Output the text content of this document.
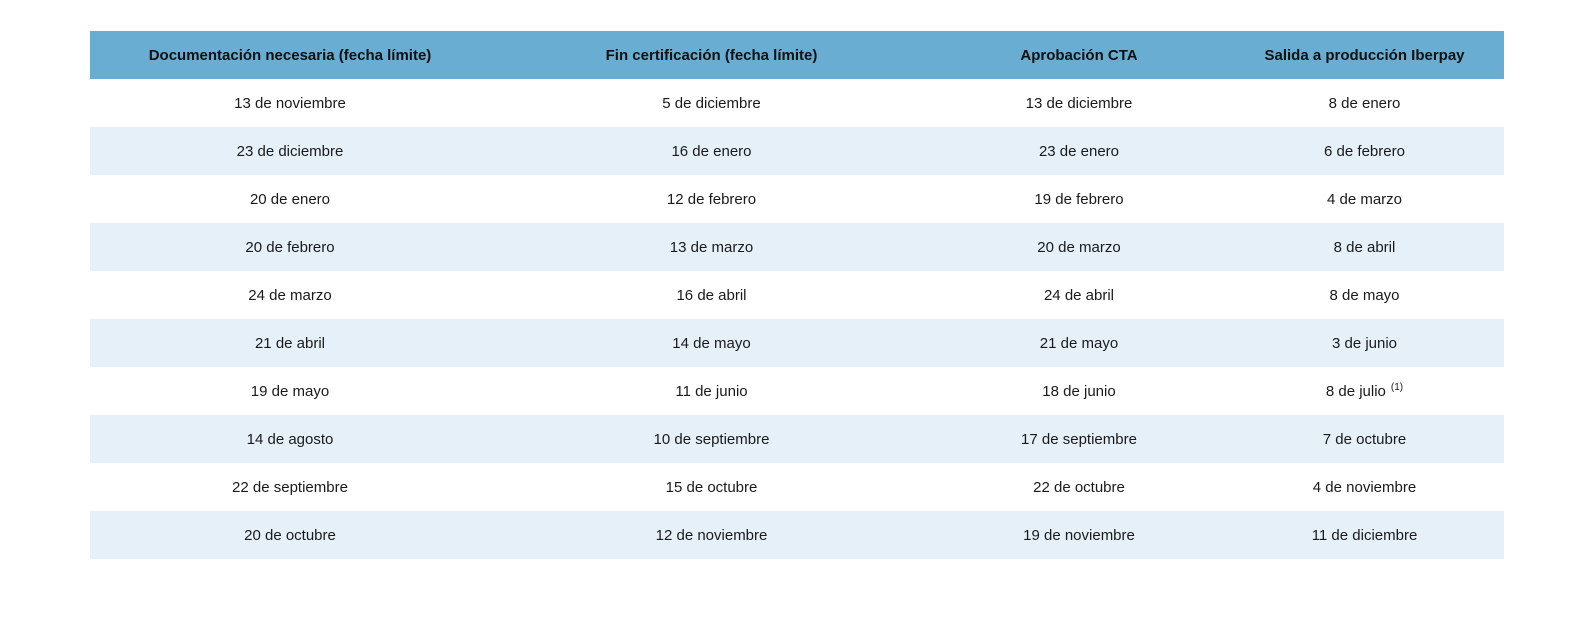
Documentación necesaria (fecha límite)	Fin certificación (fecha límite)	Aprobación CTA	Salida a producción Iberpay
13 de noviembre	5 de diciembre	13 de diciembre	8 de enero
23 de diciembre	16 de enero	23 de enero	6 de febrero
20 de enero	12 de febrero	19 de febrero	4 de marzo
20 de febrero	13 de marzo	20 de marzo	8 de abril
24 de marzo	16 de abril	24 de abril	8 de mayo
21 de abril	14 de mayo	21 de mayo	3 de junio
19 de mayo	11 de junio	18 de junio	8 de julio $^{(1)}$
14 de agosto	10 de septiembre	17 de septiembre	7 de octubre
22 de septiembre	15 de octubre	22 de octubre	4 de noviembre
20 de octubre	12 de noviembre	19 de noviembre	11 de diciembre
